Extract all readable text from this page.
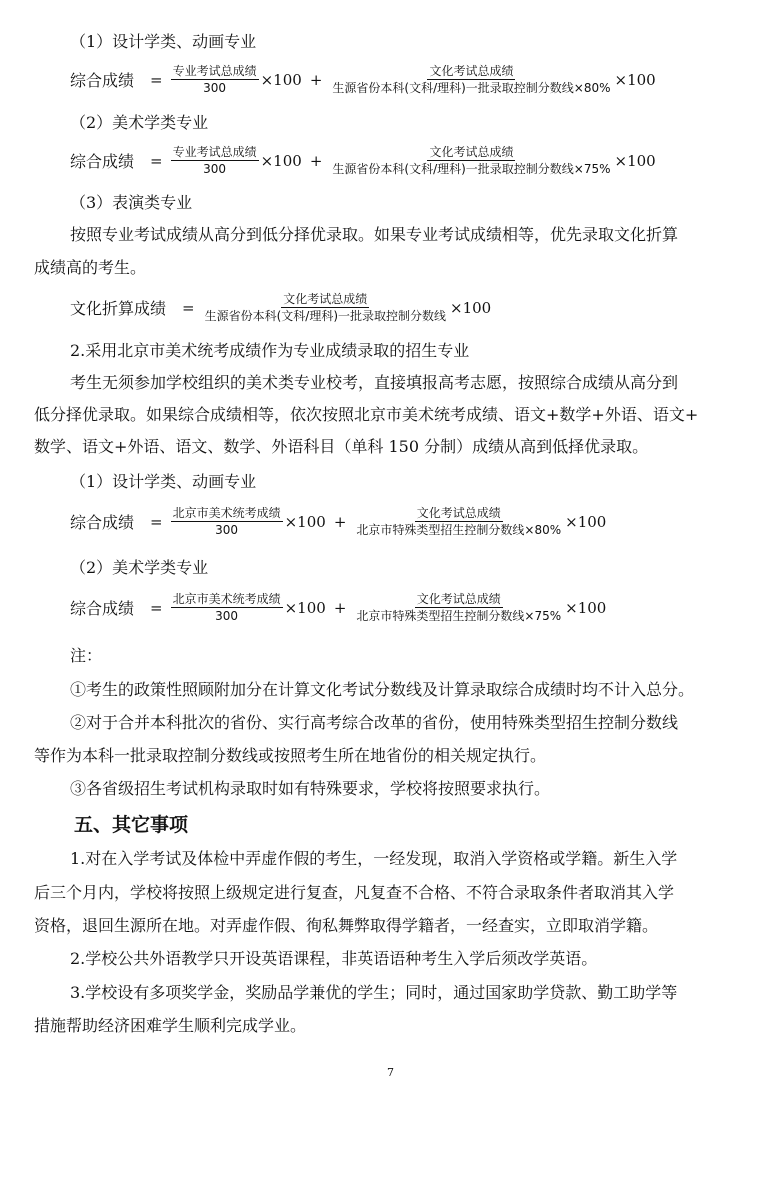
（1）设计学类、动画专业
综合成绩 = $\frac{\text{专业考试总成绩}}{300} \times 100 + \frac{\text{文化考试总成绩}}{\text{生源省份本科(文科/理科)一批录取控制分数线×80\%}} \times 100$
（2）美术学类专业
综合成绩 = $\frac{\text{专业考试总成绩}}{300} \times 100 + \frac{\text{文化考试总成绩}}{\text{生源省份本科(文科/理科)一批录取控制分数线×75\%}} \times 100$
（3）表演类专业
按照专业考试成绩从高分到低分择优录取。如果专业考试成绩相等，优先录取文化折算
成绩高的考生。
文化折算成绩 = $\frac{\text{文化考试总成绩}}{\text{生源省份本科(文科/理科)一批录取控制分数线}} \times 100$
2.采用北京市美术统考成绩作为专业成绩录取的招生专业
考生无须参加学校组织的美术类专业校考，直接填报高考志愿，按照综合成绩从高分到
低分择优录取。如果综合成绩相等，依次按照北京市美术统考成绩、语文+数学+外语、语文+
数学、语文+外语、语文、数学、外语科目（单科 150 分制）成绩从高到低择优录取。
（1）设计学类、动画专业
综合成绩 = $\frac{\text{北京市美术统考成绩}}{300} \times 100 + \frac{\text{文化考试总成绩}}{\text{北京市特殊类型招生控制分数线×80\%}} \times 100$
（2）美术学类专业
综合成绩 = $\frac{\text{北京市美术统考成绩}}{300} \times 100 + \frac{\text{文化考试总成绩}}{\text{北京市特殊类型招生控制分数线×75\%}} \times 100$
注：
①考生的政策性照顾附加分在计算文化考试分数线及计算录取综合成绩时均不计入总分。
②对于合并本科批次的省份、实行高考综合改革的省份，使用特殊类型招生控制分数线
等作为本科一批录取控制分数线或按照考生所在地省份的相关规定执行。
③各省级招生考试机构录取时如有特殊要求，学校将按照要求执行。
五、其它事项
1.对在入学考试及体检中弄虚作假的考生，一经发现，取消入学资格或学籍。新生入学
后三个月内，学校将按照上级规定进行复查，凡复查不合格、不符合录取条件者取消其入学
资格，退回生源所在地。对弄虚作假、徇私舞弊取得学籍者，一经查实，立即取消学籍。
2.学校公共外语教学只开设英语课程，非英语语种考生入学后须改学英语。
3.学校设有多项奖学金，奖励品学兼优的学生；同时，通过国家助学贷款、勤工助学等
措施帮助经济困难学生顺利完成学业。
7
